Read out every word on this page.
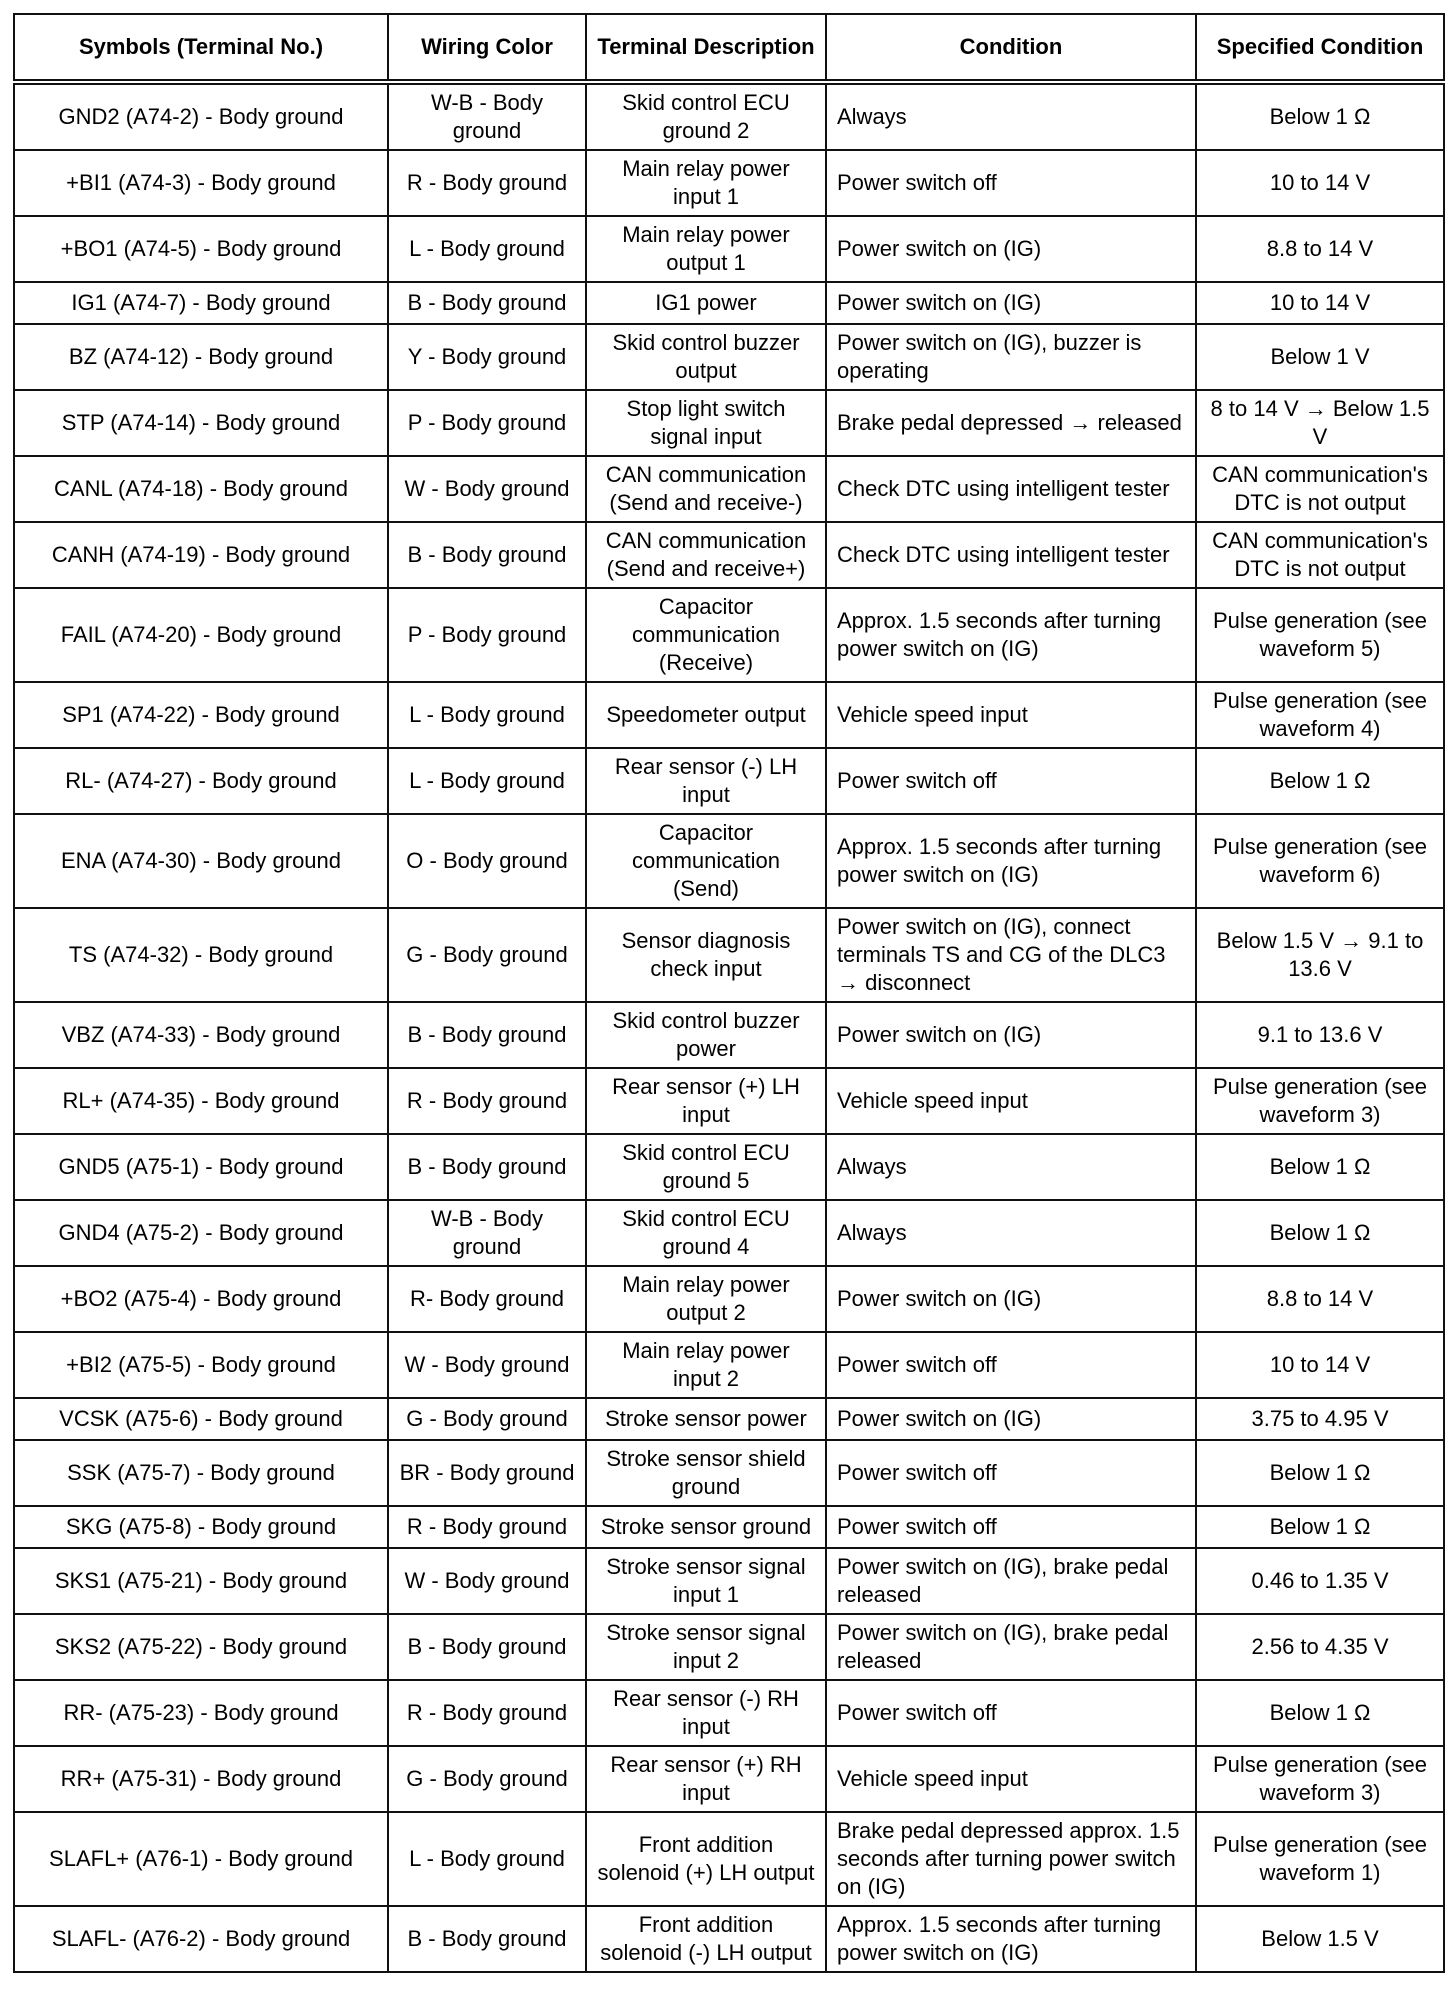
Symbols (Terminal No.)	Wiring Color	Terminal Description	Condition	Specified Condition
GND2 (A74-2) - Body ground	W-B - Body ground	Skid control ECU ground 2	Always	Below 1 Ω
+BI1 (A74-3) - Body ground	R - Body ground	Main relay power input 1	Power switch off	10 to 14 V
+BO1 (A74-5) - Body ground	L - Body ground	Main relay power output 1	Power switch on (IG)	8.8 to 14 V
IG1 (A74-7) - Body ground	B - Body ground	IG1 power	Power switch on (IG)	10 to 14 V
BZ (A74-12) - Body ground	Y - Body ground	Skid control buzzer output	Power switch on (IG), buzzer is operating	Below 1 V
STP (A74-14) - Body ground	P - Body ground	Stop light switch signal input	Brake pedal depressed → released	8 to 14 V → Below 1.5 V
CANL (A74-18) - Body ground	W - Body ground	CAN communication (Send and receive-)	Check DTC using intelligent tester	CAN communication's DTC is not output
CANH (A74-19) - Body ground	B - Body ground	CAN communication (Send and receive+)	Check DTC using intelligent tester	CAN communication's DTC is not output
FAIL (A74-20) - Body ground	P - Body ground	Capacitor communication (Receive)	Approx. 1.5 seconds after turning power switch on (IG)	Pulse generation (see waveform 5)
SP1 (A74-22) - Body ground	L - Body ground	Speedometer output	Vehicle speed input	Pulse generation (see waveform 4)
RL- (A74-27) - Body ground	L - Body ground	Rear sensor (-) LH input	Power switch off	Below 1 Ω
ENA (A74-30) - Body ground	O - Body ground	Capacitor communication (Send)	Approx. 1.5 seconds after turning power switch on (IG)	Pulse generation (see waveform 6)
TS (A74-32) - Body ground	G - Body ground	Sensor diagnosis check input	Power switch on (IG), connect terminals TS and CG of the DLC3 → disconnect	Below 1.5 V → 9.1 to 13.6 V
VBZ (A74-33) - Body ground	B - Body ground	Skid control buzzer power	Power switch on (IG)	9.1 to 13.6 V
RL+ (A74-35) - Body ground	R - Body ground	Rear sensor (+) LH input	Vehicle speed input	Pulse generation (see waveform 3)
GND5 (A75-1) - Body ground	B - Body ground	Skid control ECU ground 5	Always	Below 1 Ω
GND4 (A75-2) - Body ground	W-B - Body ground	Skid control ECU ground 4	Always	Below 1 Ω
+BO2 (A75-4) - Body ground	R- Body ground	Main relay power output 2	Power switch on (IG)	8.8 to 14 V
+BI2 (A75-5) - Body ground	W - Body ground	Main relay power input 2	Power switch off	10 to 14 V
VCSK (A75-6) - Body ground	G - Body ground	Stroke sensor power	Power switch on (IG)	3.75 to 4.95 V
SSK (A75-7) - Body ground	BR - Body ground	Stroke sensor shield ground	Power switch off	Below 1 Ω
SKG (A75-8) - Body ground	R - Body ground	Stroke sensor ground	Power switch off	Below 1 Ω
SKS1 (A75-21) - Body ground	W - Body ground	Stroke sensor signal input 1	Power switch on (IG), brake pedal released	0.46 to 1.35 V
SKS2 (A75-22) - Body ground	B - Body ground	Stroke sensor signal input 2	Power switch on (IG), brake pedal released	2.56 to 4.35 V
RR- (A75-23) - Body ground	R - Body ground	Rear sensor (-) RH input	Power switch off	Below 1 Ω
RR+ (A75-31) - Body ground	G - Body ground	Rear sensor (+) RH input	Vehicle speed input	Pulse generation (see waveform 3)
SLAFL+ (A76-1) - Body ground	L - Body ground	Front addition solenoid (+) LH output	Brake pedal depressed approx. 1.5 seconds after turning power switch on (IG)	Pulse generation (see waveform 1)
SLAFL- (A76-2) - Body ground	B - Body ground	Front addition solenoid (-) LH output	Approx. 1.5 seconds after turning power switch on (IG)	Below 1.5 V
